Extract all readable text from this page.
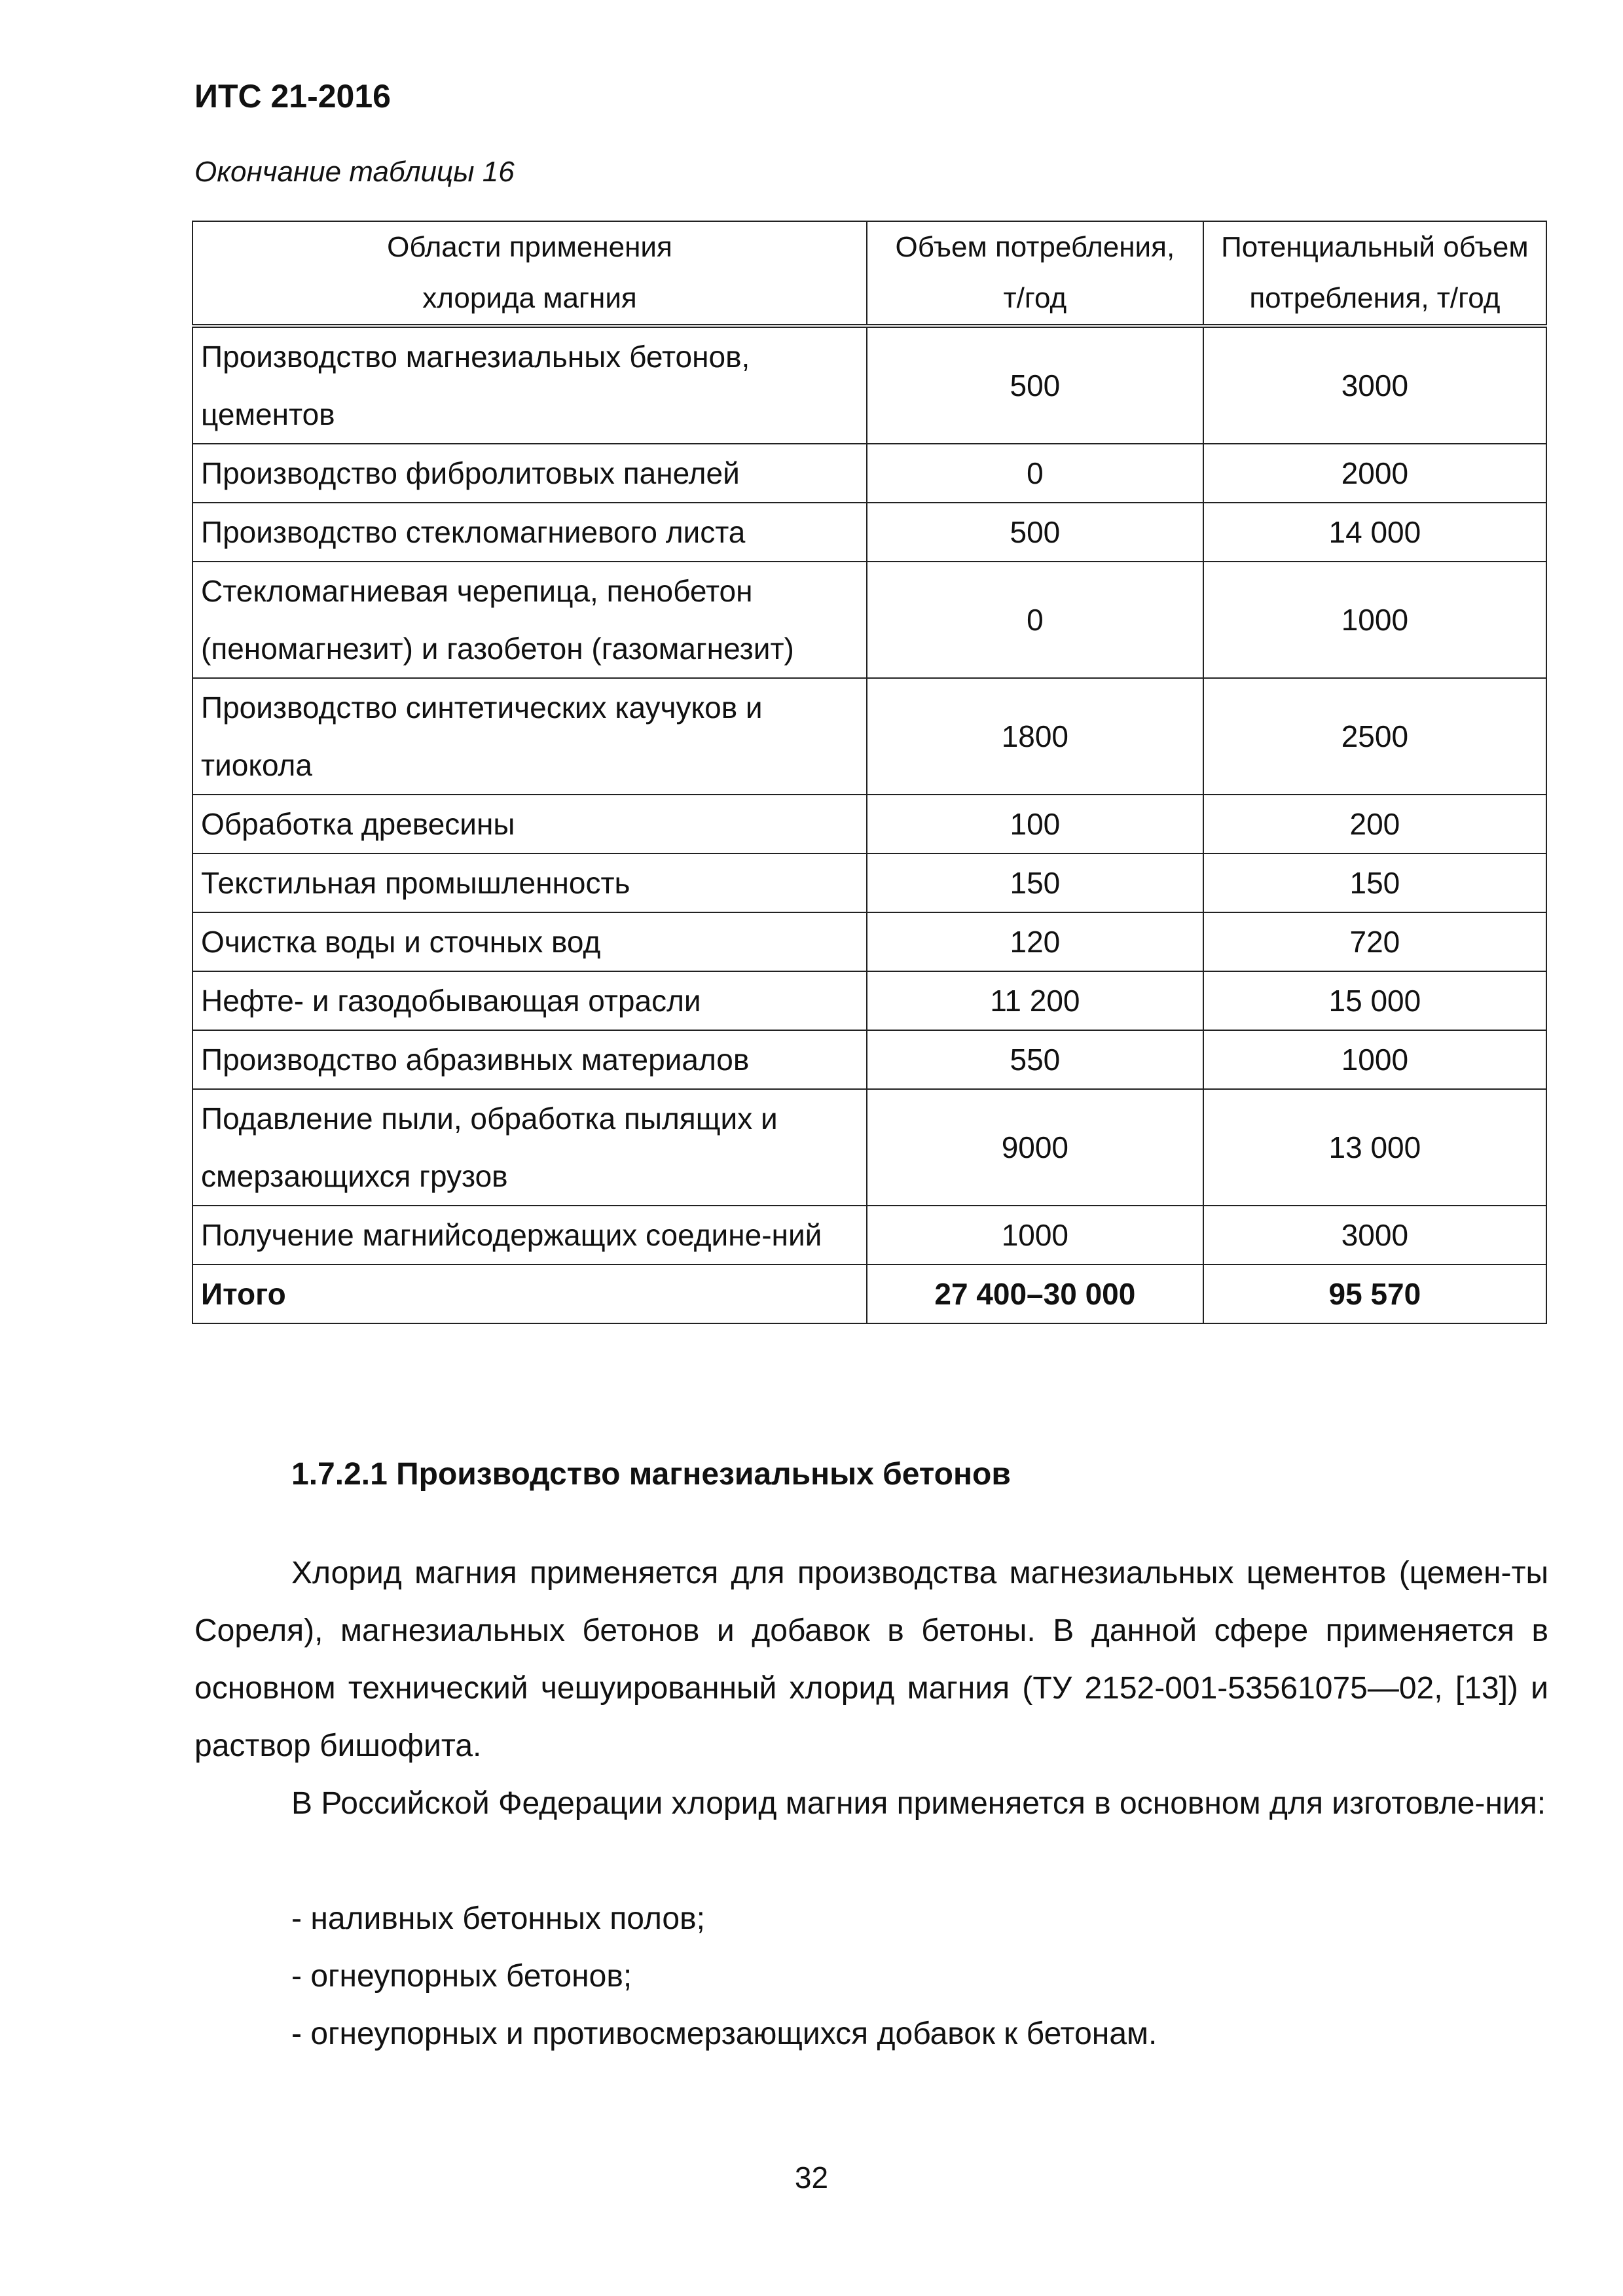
ИТС 21-2016

Окончание таблицы 16

Области применения хлорида магния	Объем потребления, т/год	Потенциальный объем потребления, т/год
Производство магнезиальных бетонов, цементов	500	3000
Производство фибролитовых панелей	0	2000
Производство стекломагниевого листа	500	14 000
Стекломагниевая черепица, пенобетон (пеномагнезит) и газобетон (газомагнезит)	0	1000
Производство синтетических каучуков и тиокола	1800	2500
Обработка древесины	100	200
Текстильная промышленность	150	150
Очистка воды и сточных вод	120	720
Нефте- и газодобывающая отрасли	11 200	15 000
Производство абразивных материалов	550	1000
Подавление пыли, обработка пылящих и смерзающихся грузов	9000	13 000
Получение магнийсодержащих соедине-ний	1000	3000
Итого	27 400–30 000	95 570

1.7.2.1 Производство магнезиальных бетонов

Хлорид магния применяется для производства магнезиальных цементов (цемен-ты Сореля), магнезиальных бетонов и добавок в бетоны. В данной сфере применяется в основном технический чешуированный хлорид магния (ТУ 2152-001-53561075—02, [13]) и раствор бишофита.

В Российской Федерации хлорид магния применяется в основном для изготовле-ния:

- наливных бетонных полов;
- огнеупорных бетонов;
- огнеупорных и противосмерзающихся добавок к бетонам.

32
